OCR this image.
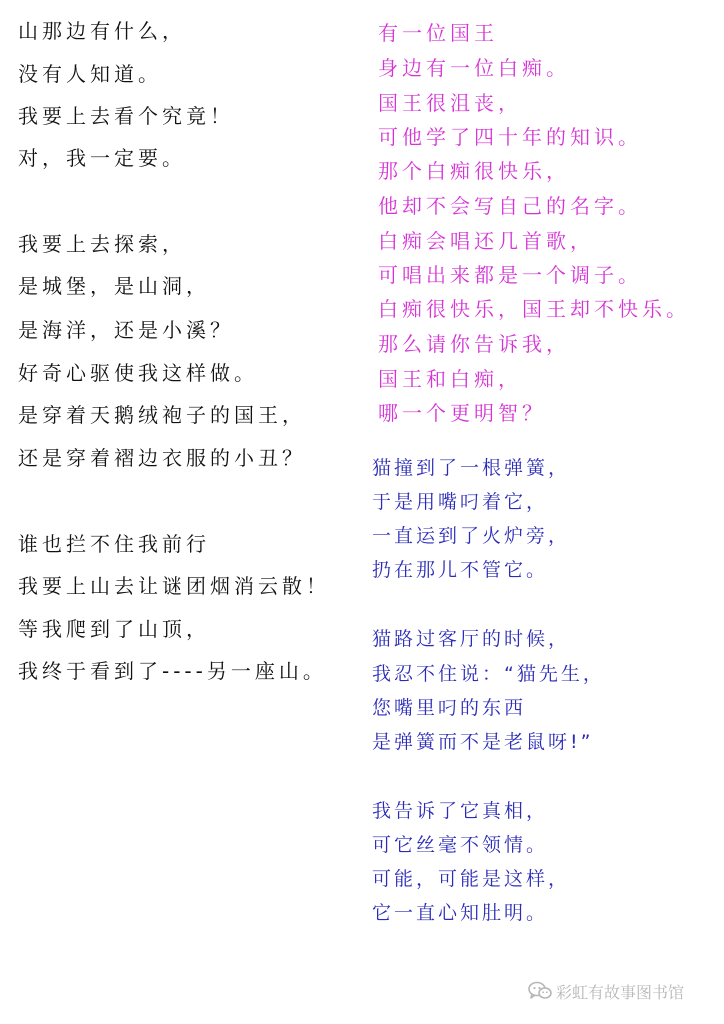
山那边有什么，
没有人知道。
我要上去看个究竟！
对，我一定要。
我要上去探索，
是城堡，是山洞，
是海洋，还是小溪？
好奇心驱使我这样做。
是穿着天鹅绒袍子的国王，
还是穿着褶边衣服的小丑？
谁也拦不住我前行
我要上山去让谜团烟消云散！
等我爬到了山顶，
我终于看到了----另一座山。
有一位国王
身边有一位白痴。
国王很沮丧，
可他学了四十年的知识。
那个白痴很快乐，
他却不会写自己的名字。
白痴会唱还几首歌，
可唱出来都是一个调子。
白痴很快乐，国王却不快乐。
那么请你告诉我，
国王和白痴，
哪一个更明智？
猫撞到了一根弹簧，
于是用嘴叼着它，
一直运到了火炉旁，
扔在那儿不管它。
猫路过客厅的时候，
我忍不住说：“猫先生，
您嘴里叼的东西
是弹簧而不是老鼠呀!”
我告诉了它真相，
可它丝毫不领情。
可能，可能是这样，
它一直心知肚明。
彩虹有故事图书馆
